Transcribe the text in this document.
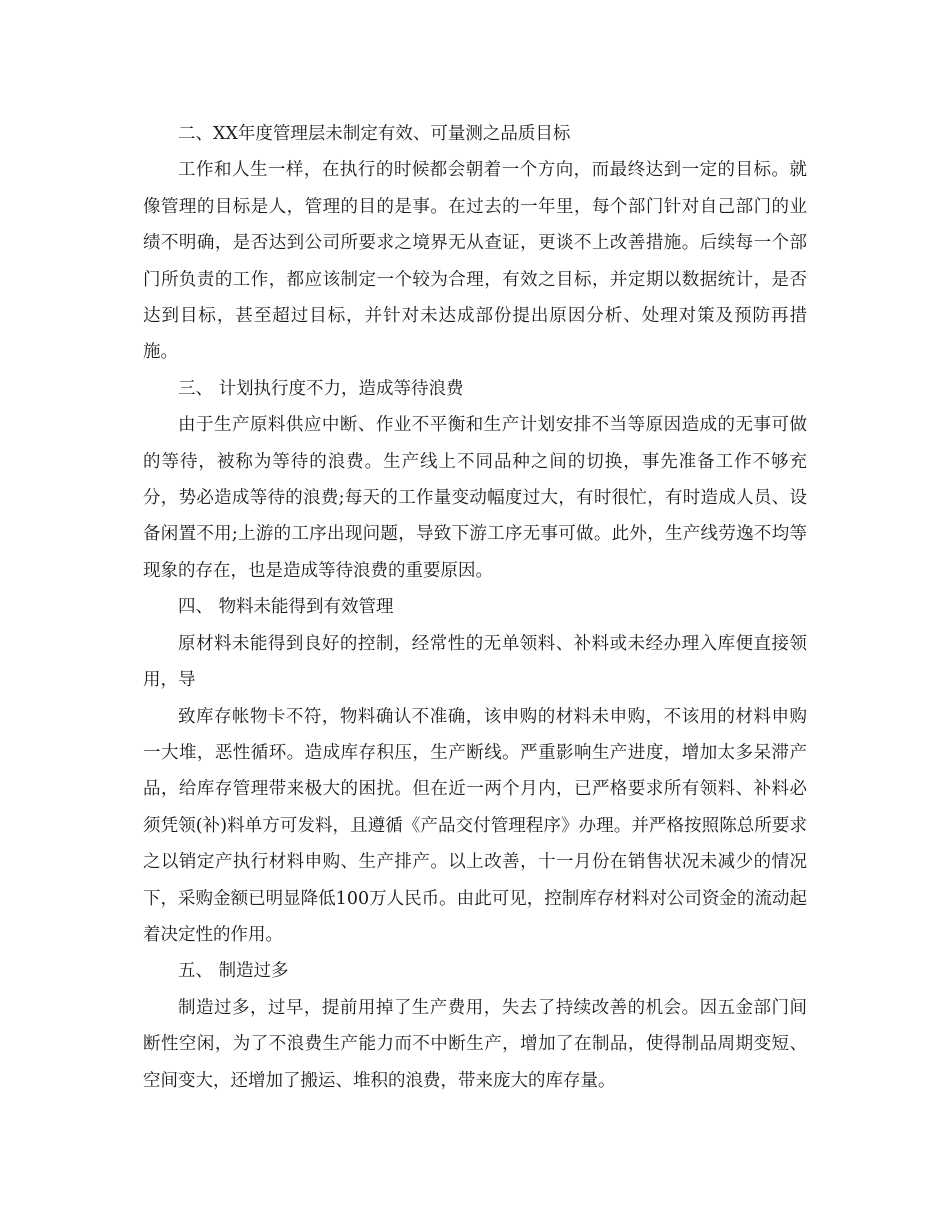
二、XX年度管理层未制定有效、可量测之品质目标

工作和人生一样，在执行的时候都会朝着一个方向，而最终达到一定的目标。就像管理的目标是人，管理的目的是事。在过去的一年里，每个部门针对自己部门的业绩不明确，是否达到公司所要求之境界无从查证，更谈不上改善措施。后续每一个部门所负责的工作，都应该制定一个较为合理，有效之目标，并定期以数据统计，是否达到目标，甚至超过目标，并针对未达成部份提出原因分析、处理对策及预防再措施。

三、 计划执行度不力，造成等待浪费

由于生产原料供应中断、作业不平衡和生产计划安排不当等原因造成的无事可做的等待，被称为等待的浪费。生产线上不同品种之间的切换，事先准备工作不够充分，势必造成等待的浪费;每天的工作量变动幅度过大，有时很忙，有时造成人员、设备闲置不用;上游的工序出现问题，导致下游工序无事可做。此外，生产线劳逸不均等现象的存在，也是造成等待浪费的重要原因。

四、 物料未能得到有效管理

原材料未能得到良好的控制，经常性的无单领料、补料或未经办理入库便直接领用，导

致库存帐物卡不符，物料确认不准确，该申购的材料未申购，不该用的材料申购一大堆，恶性循环。造成库存积压，生产断线。严重影响生产进度，增加太多呆滞产品，给库存管理带来极大的困扰。但在近一两个月内，已严格要求所有领料、补料必须凭领(补)料单方可发料，且遵循《产品交付管理程序》办理。并严格按照陈总所要求之以销定产执行材料申购、生产排产。以上改善，十一月份在销售状况未减少的情况下，采购金额已明显降低100万人民币。由此可见，控制库存材料对公司资金的流动起着决定性的作用。

五、 制造过多

制造过多，过早，提前用掉了生产费用，失去了持续改善的机会。因五金部门间断性空闲，为了不浪费生产能力而不中断生产，增加了在制品，使得制品周期变短、空间变大，还增加了搬运、堆积的浪费，带来庞大的库存量。
